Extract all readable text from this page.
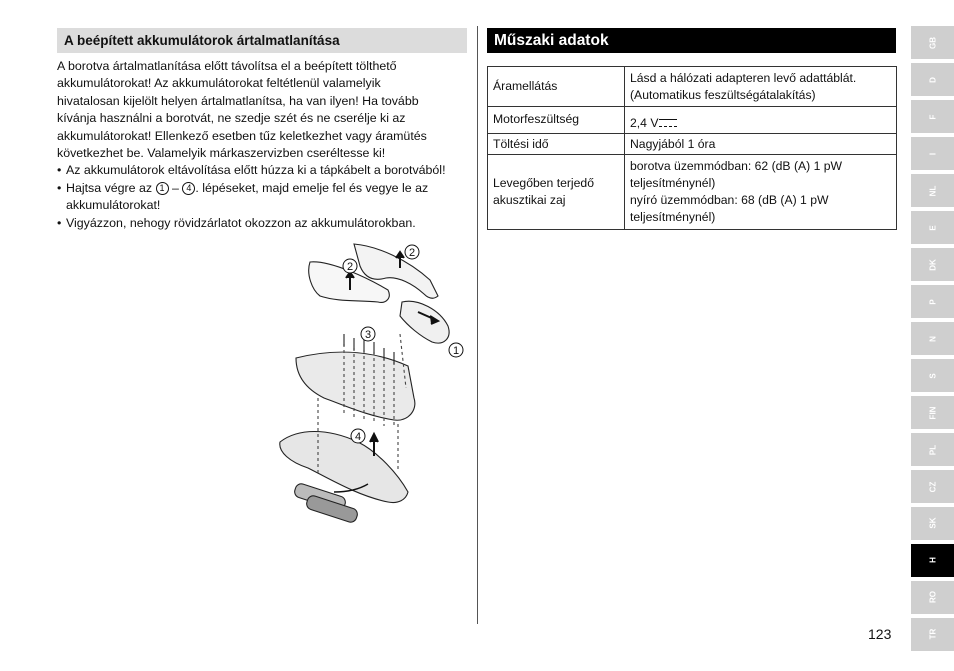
A beépített akkumulátorok ártalmatlanítása

A borotva ártalmatlanítása előtt távolítsa el a beépített tölthető
akkumulátorokat! Az akkumulátorokat feltétlenül valamelyik
hivatalosan kijelölt helyen ártalmatlanítsa, ha van ilyen! Ha tovább
kívánja használni a borotvát, ne szedje szét és ne cserélje ki az
akkumulátorokat! Ellenkező esetben tűz keletkezhet vagy áramütés
következhet be. Valamelyik márkaszervizben cseréltesse ki!

• Az akkumulátorok eltávolítása előtt húzza ki a tápkábelt a borotvából!
• Hajtsa végre az 1 – 4 . lépéseket, majd emelje fel és vegye le az
akkumulátorokat!
• Vigyázzon, nehogy rövidzárlatot okozzon az akkumulátorokban.
2
2
3
1
4
Műszaki adatok
Áramellátás	Lásd a hálózati adapteren levő adattáblát.
(Automatikus feszültségátalakítás)
Motorfeszültség	2,4 V
Töltési idő	Nagyjából 1 óra
Levegőben terjedő
akusztikai zaj	borotva üzemmódban: 62 (dB (A) 1 pW
teljesítménynél)
nyíró üzemmódban: 68 (dB (A) 1 pW
teljesítménynél)
GB
D
F
I
NL
E
DK
P
N
S
FIN
PL
CZ
SK
H
RO
TR
123
